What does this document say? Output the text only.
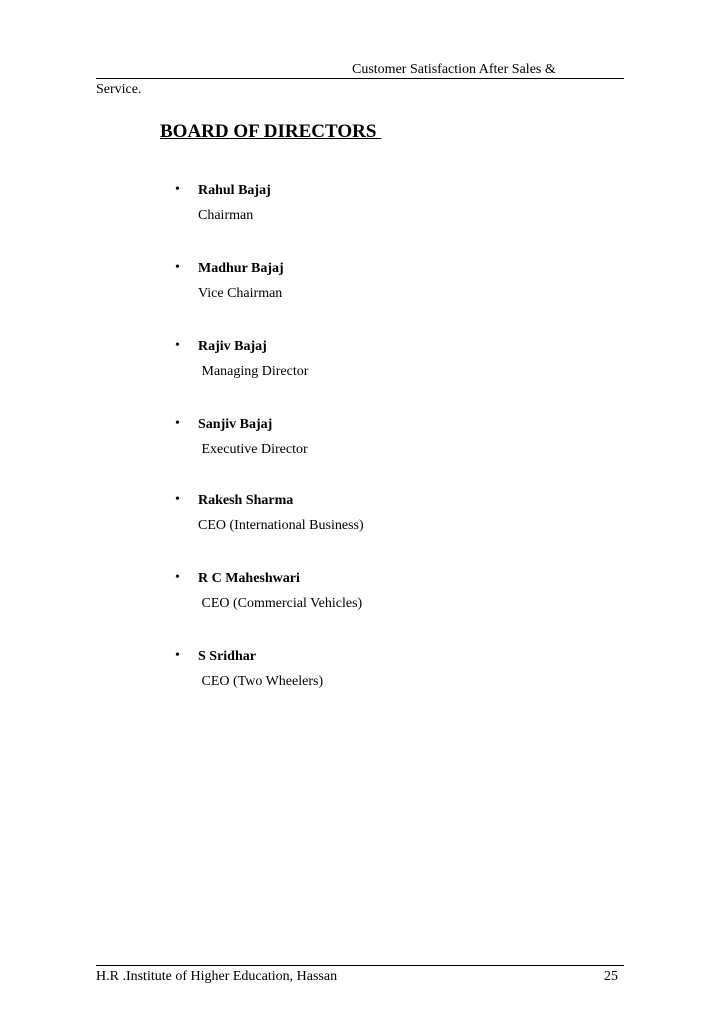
Customer Satisfaction After Sales &
Service.
BOARD OF DIRECTORS
• Rahul Bajaj
Chairman
• Madhur Bajaj
Vice Chairman
• Rajiv Bajaj
Managing Director
• Sanjiv Bajaj
Executive Director
• Rakesh Sharma
CEO (International Business)
• R C Maheshwari
CEO (Commercial Vehicles)
• S Sridhar
CEO (Two Wheelers)
H.R .Institute of Higher Education, Hassan	25
